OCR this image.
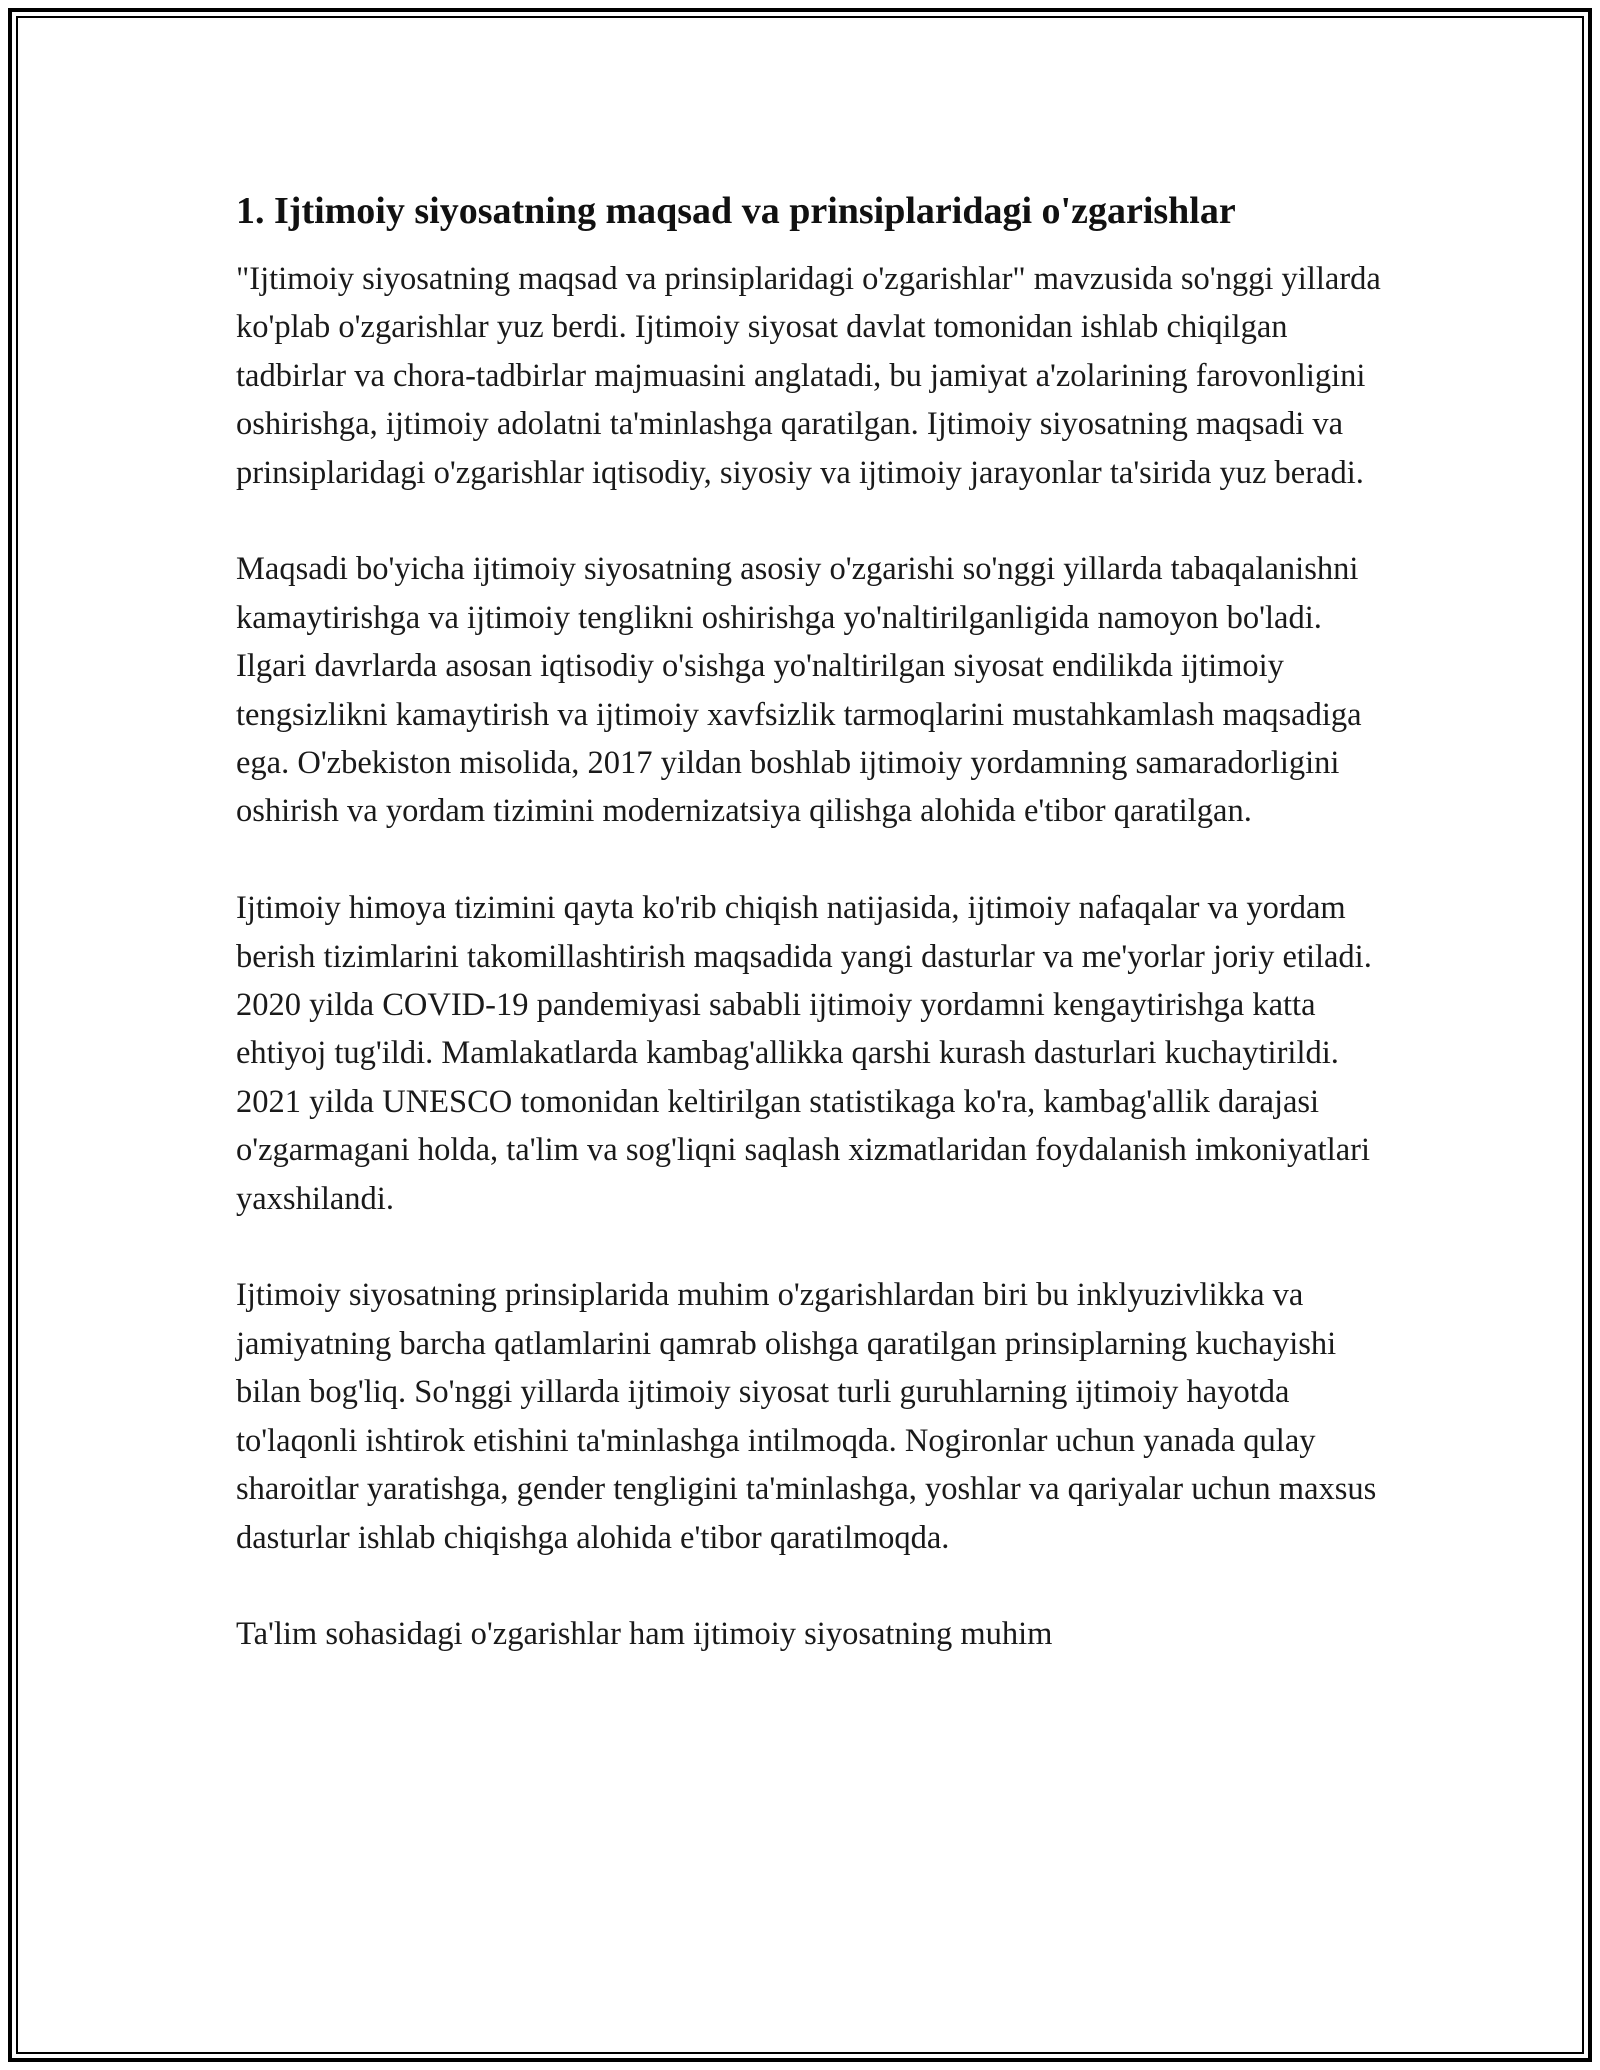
1. Ijtimoiy siyosatning maqsad va prinsiplaridagi o'zgarishlar

"Ijtimoiy siyosatning maqsad va prinsiplaridagi o'zgarishlar" mavzusida so'nggi yillarda ko'plab o'zgarishlar yuz berdi. Ijtimoiy siyosat davlat tomonidan ishlab chiqilgan tadbirlar va chora-tadbirlar majmuasini anglatadi, bu jamiyat a'zolarining farovonligini oshirishga, ijtimoiy adolatni ta'minlashga qaratilgan. Ijtimoiy siyosatning maqsadi va prinsiplaridagi o'zgarishlar iqtisodiy, siyosiy va ijtimoiy jarayonlar ta'sirida yuz beradi.

Maqsadi bo'yicha ijtimoiy siyosatning asosiy o'zgarishi so'nggi yillarda tabaqalanishni kamaytirishga va ijtimoiy tenglikni oshirishga yo'naltirilganligida namoyon bo'ladi. Ilgari davrlarda asosan iqtisodiy o'sishga yo'naltirilgan siyosat endilikda ijtimoiy tengsizlikni kamaytirish va ijtimoiy xavfsizlik tarmoqlarini mustahkamlash maqsadiga ega. O'zbekiston misolida, 2017 yildan boshlab ijtimoiy yordamning samaradorligini oshirish va yordam tizimini modernizatsiya qilishga alohida e'tibor qaratilgan.

Ijtimoiy himoya tizimini qayta ko'rib chiqish natijasida, ijtimoiy nafaqalar va yordam berish tizimlarini takomillashtirish maqsadida yangi dasturlar va me'yorlar joriy etiladi. 2020 yilda COVID-19 pandemiyasi sababli ijtimoiy yordamni kengaytirishga katta ehtiyoj tug'ildi. Mamlakatlarda kambag'allikka qarshi kurash dasturlari kuchaytirildi. 2021 yilda UNESCO tomonidan keltirilgan statistikaga ko'ra, kambag'allik darajasi o'zgarmagani holda, ta'lim va sog'liqni saqlash xizmatlaridan foydalanish imkoniyatlari yaxshilandi.

Ijtimoiy siyosatning prinsiplarida muhim o'zgarishlardan biri bu inklyuzivlikka va jamiyatning barcha qatlamlarini qamrab olishga qaratilgan prinsiplarning kuchayishi bilan bog'liq. So'nggi yillarda ijtimoiy siyosat turli guruhlarning ijtimoiy hayotda to'laqonli ishtirok etishini ta'minlashga intilmoqda. Nogironlar uchun yanada qulay sharoitlar yaratishga, gender tengligini ta'minlashga, yoshlar va qariyalar uchun maxsus dasturlar ishlab chiqishga alohida e'tibor qaratilmoqda.

Ta'lim sohasidagi o'zgarishlar ham ijtimoiy siyosatning muhim
